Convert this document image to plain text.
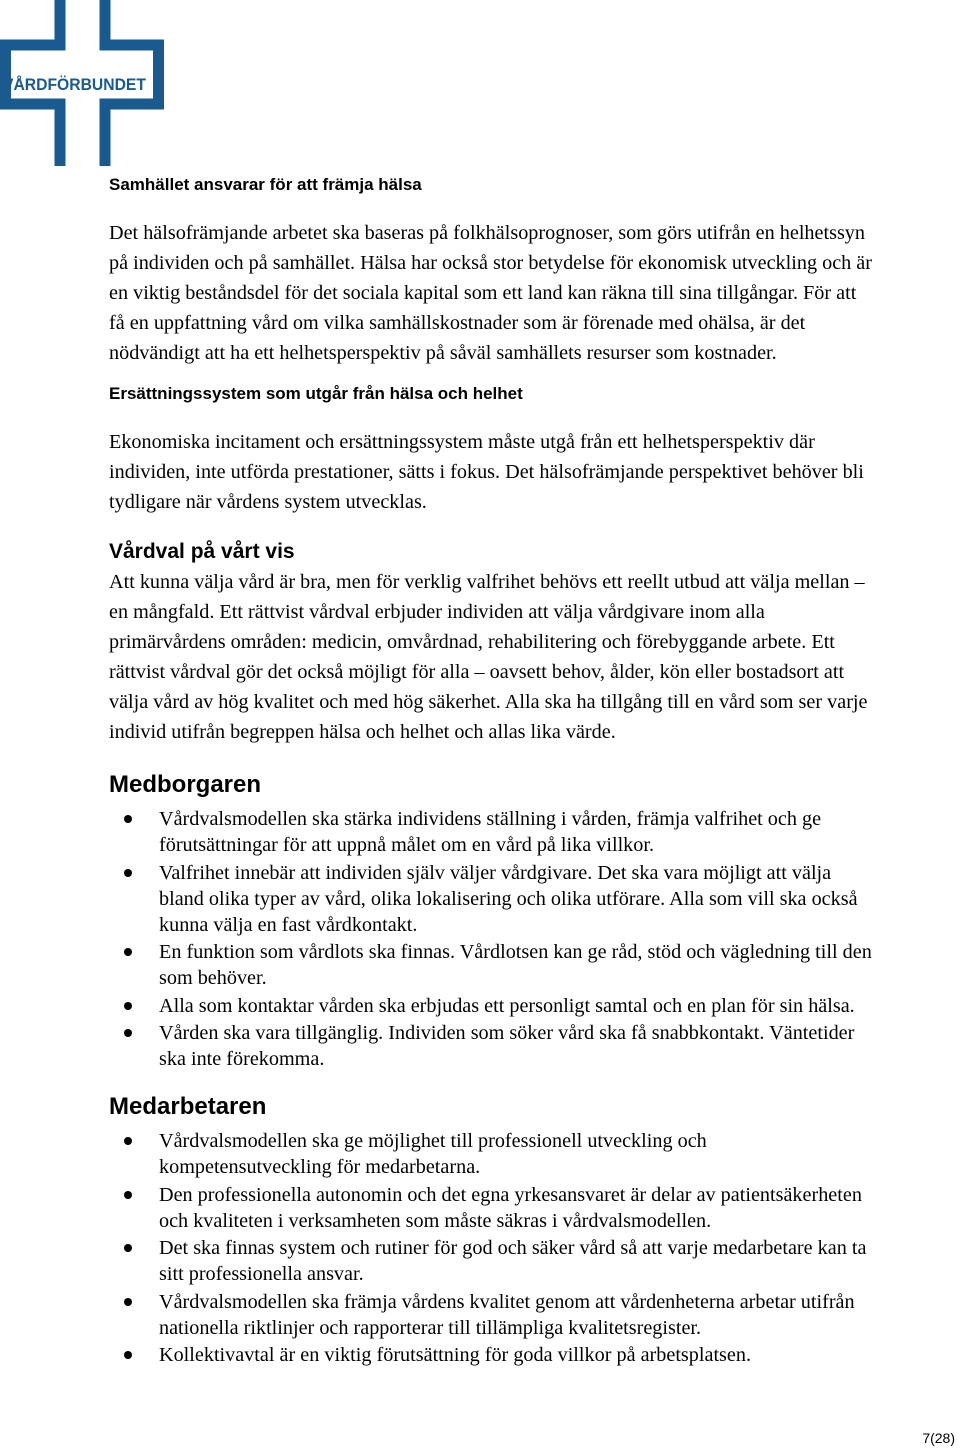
VÅRDFÖRBUNDET
Samhället ansvarar för att främja hälsa
Det hälsofrämjande arbetet ska baseras på folkhälsoprognoser, som görs utifrån en helhetssyn
på individen och på samhället. Hälsa har också stor betydelse för ekonomisk utveckling och är
en viktig beståndsdel för det sociala kapital som ett land kan räkna till sina tillgångar. För att
få en uppfattning vård om vilka samhällskostnader som är förenade med ohälsa, är det
nödvändigt att ha ett helhetsperspektiv på såväl samhällets resurser som kostnader.
Ersättningssystem som utgår från hälsa och helhet
Ekonomiska incitament och ersättningssystem måste utgå från ett helhetsperspektiv där
individen, inte utförda prestationer, sätts i fokus. Det hälsofrämjande perspektivet behöver bli
tydligare när vårdens system utvecklas.
Vårdval på vårt vis
Att kunna välja vård är bra, men för verklig valfrihet behövs ett reellt utbud att välja mellan –
en mångfald. Ett rättvist vårdval erbjuder individen att välja vårdgivare inom alla
primärvårdens områden: medicin, omvårdnad, rehabilitering och förebyggande arbete. Ett
rättvist vårdval gör det också möjligt för alla – oavsett behov, ålder, kön eller bostadsort att
välja vård av hög kvalitet och med hög säkerhet. Alla ska ha tillgång till en vård som ser varje
individ utifrån begreppen hälsa och helhet och allas lika värde.
Medborgaren
Vårdvalsmodellen ska stärka individens ställning i vården, främja valfrihet och ge
förutsättningar för att uppnå målet om en vård på lika villkor.
Valfrihet innebär att individen själv väljer vårdgivare. Det ska vara möjligt att välja
bland olika typer av vård, olika lokalisering och olika utförare. Alla som vill ska också
kunna välja en fast vårdkontakt.
En funktion som vårdlots ska finnas. Vårdlotsen kan ge råd, stöd och vägledning till den
som behöver.
Alla som kontaktar vården ska erbjudas ett personligt samtal och en plan för sin hälsa.
Vården ska vara tillgänglig. Individen som söker vård ska få snabbkontakt. Väntetider
ska inte förekomma.
Medarbetaren
Vårdvalsmodellen ska ge möjlighet till professionell utveckling och
kompetensutveckling för medarbetarna.
Den professionella autonomin och det egna yrkesansvaret är delar av patientsäkerheten
och kvaliteten i verksamheten som måste säkras i vårdvalsmodellen.
Det ska finnas system och rutiner för god och säker vård så att varje medarbetare kan ta
sitt professionella ansvar.
Vårdvalsmodellen ska främja vårdens kvalitet genom att vårdenheterna arbetar utifrån
nationella riktlinjer och rapporterar till tillämpliga kvalitetsregister.
Kollektivavtal är en viktig förutsättning för goda villkor på arbetsplatsen.
7(28)
